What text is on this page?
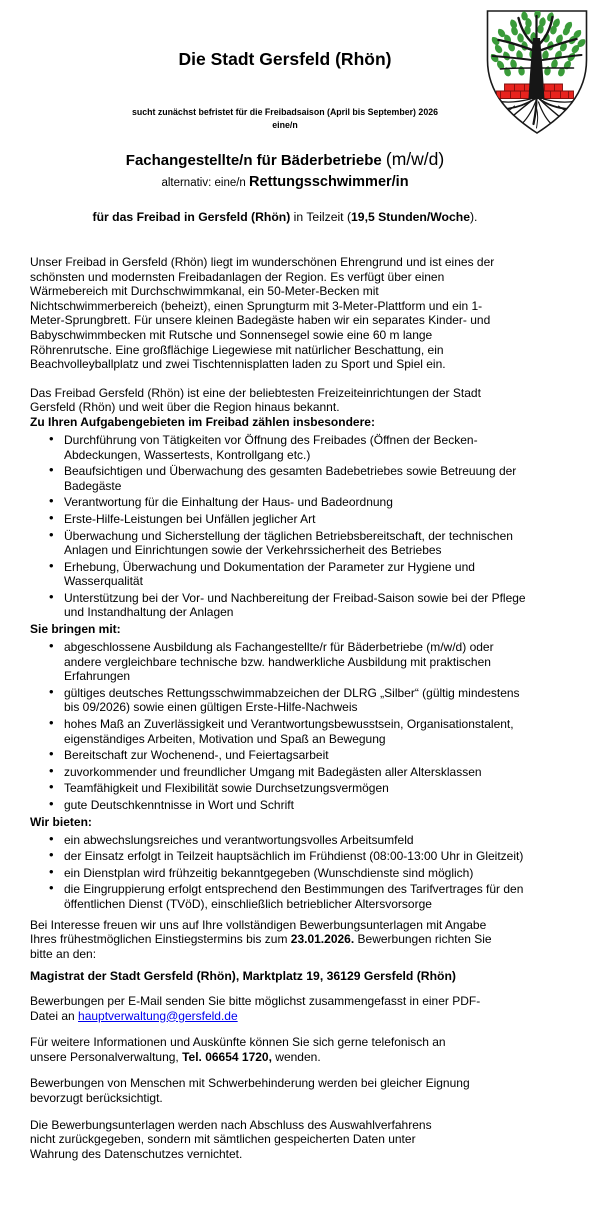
Die Stadt Gersfeld (Rhön)
sucht zunächst befristet für die Freibadsaison (April bis September) 2026
eine/n
Fachangestellte/n für Bäderbetriebe (m/w/d)
alternativ: eine/n Rettungsschwimmer/in
für das Freibad in Gersfeld (Rhön) in Teilzeit (19,5 Stunden/Woche).

Unser Freibad in Gersfeld (Rhön) liegt im wunderschönen Ehrengrund und ist eines der schönsten und modernsten Freibadanlagen der Region. Es verfügt über einen Wärmebereich mit Durchschwimmkanal, ein 50-Meter-Becken mit Nichtschwimmerbereich (beheizt), einen Sprungturm mit 3-Meter-Plattform und ein 1-Meter-Sprungbrett. Für unsere kleinen Badegäste haben wir ein separates Kinder- und Babyschwimmbecken mit Rutsche und Sonnensegel sowie eine 60 m lange Röhrenrutsche. Eine großflächige Liegewiese mit natürlicher Beschattung, ein Beachvolleyballplatz und zwei Tischtennisplatten laden zu Sport und Spiel ein.

Das Freibad Gersfeld (Rhön) ist eine der beliebtesten Freizeiteinrichtungen der Stadt Gersfeld (Rhön) und weit über die Region hinaus bekannt.

Zu Ihren Aufgabengebieten im Freibad zählen insbesondere:
• Durchführung von Tätigkeiten vor Öffnung des Freibades (Öffnen der Becken-Abdeckungen, Wassertests, Kontrollgang etc.)
• Beaufsichtigen und Überwachung des gesamten Badebetriebes sowie Betreuung der Badegäste
• Verantwortung für die Einhaltung der Haus- und Badeordnung
• Erste-Hilfe-Leistungen bei Unfällen jeglicher Art
• Überwachung und Sicherstellung der täglichen Betriebsbereitschaft, der technischen Anlagen und Einrichtungen sowie der Verkehrssicherheit des Betriebes
• Erhebung, Überwachung und Dokumentation der Parameter zur Hygiene und Wasserqualität
• Unterstützung bei der Vor- und Nachbereitung der Freibad-Saison sowie bei der Pflege und Instandhaltung der Anlagen
Sie bringen mit:
• abgeschlossene Ausbildung als Fachangestellte/r für Bäderbetriebe (m/w/d) oder andere vergleichbare technische bzw. handwerkliche Ausbildung mit praktischen Erfahrungen
• gültiges deutsches Rettungsschwimmabzeichen der DLRG „Silber“ (gültig mindestens bis 09/2026) sowie einen gültigen Erste-Hilfe-Nachweis
• hohes Maß an Zuverlässigkeit und Verantwortungsbewusstsein, Organisationstalent, eigenständiges Arbeiten, Motivation und Spaß an Bewegung
• Bereitschaft zur Wochenend-, und Feiertagsarbeit
• zuvorkommender und freundlicher Umgang mit Badegästen aller Altersklassen
• Teamfähigkeit und Flexibilität sowie Durchsetzungsvermögen
• gute Deutschkenntnisse in Wort und Schrift
Wir bieten:
• ein abwechslungsreiches und verantwortungsvolles Arbeitsumfeld
• der Einsatz erfolgt in Teilzeit hauptsächlich im Frühdienst (08:00-13:00 Uhr in Gleitzeit)
• ein Dienstplan wird frühzeitig bekanntgegeben (Wunschdienste sind möglich)
• die Eingruppierung erfolgt entsprechend den Bestimmungen des Tarifvertrages für den öffentlichen Dienst (TVöD), einschließlich betrieblicher Altersvorsorge

Bei Interesse freuen wir uns auf Ihre vollständigen Bewerbungsunterlagen mit Angabe Ihres frühestmöglichen Einstiegstermins bis zum 23.01.2026. Bewerbungen richten Sie bitte an den:

Magistrat der Stadt Gersfeld (Rhön), Marktplatz 19, 36129 Gersfeld (Rhön)

Bewerbungen per E-Mail senden Sie bitte möglichst zusammengefasst in einer PDF-Datei an hauptverwaltung@gersfeld.de

Für weitere Informationen und Auskünfte können Sie sich gerne telefonisch an unsere Personalverwaltung, Tel. 06654 1720, wenden.

Bewerbungen von Menschen mit Schwerbehinderung werden bei gleicher Eignung bevorzugt berücksichtigt.

Die Bewerbungsunterlagen werden nach Abschluss des Auswahlverfahrens nicht zurückgegeben, sondern mit sämtlichen gespeicherten Daten unter Wahrung des Datenschutzes vernichtet.
